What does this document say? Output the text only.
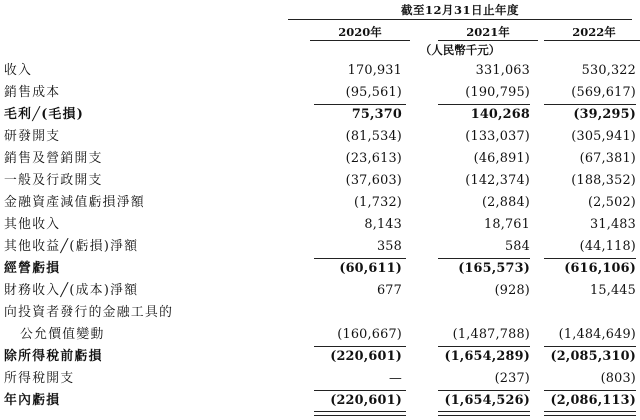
截至12月31日止年度
2020年	2021年	2022年
（人民幣千元）
收入	170,931	331,063	530,322
銷售成本	(95,561)	(190,795)	(569,617)
毛利╱(毛損)	75,370	140,268	(39,295)
研發開支	(81,534)	(133,037)	(305,941)
銷售及營銷開支	(23,613)	(46,891)	(67,381)
一般及行政開支	(37,603)	(142,374)	(188,352)
金融資產減值虧損淨額	(1,732)	(2,884)	(2,502)
其他收入	8,143	18,761	31,483
其他收益╱(虧損)淨額	358	584	(44,118)
經營虧損	(60,611)	(165,573)	(616,106)
財務收入╱(成本)淨額	677	(928)	15,445
向投資者發行的金融工具的
公允價值變動	(160,667)	(1,487,788)	(1,484,649)
除所得稅前虧損	(220,601)	(1,654,289)	(2,085,310)
所得稅開支	—	(237)	(803)
年內虧損	(220,601)	(1,654,526)	(2,086,113)
